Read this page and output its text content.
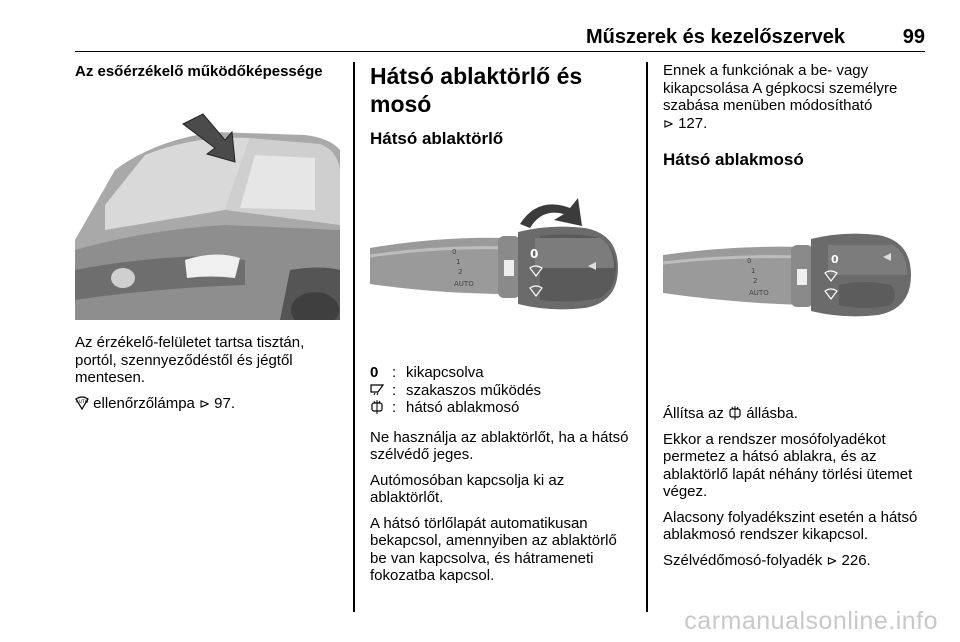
Műszerek és kezelőszervek	99
Az esőérzékelő működőképessége
Az érzékelő-felületet tartsa tisztán, portól, szennyeződéstől és jégtől mentesen.
AUTO ellenőrzőlámpa ⊳ 97.
Hátsó ablaktörlő és mosó
Hátsó ablaktörlő
0
1
2
AUTO
0
0 : kikapcsolva
: szakaszos működés
: hátsó ablakmosó
Ne használja az ablaktörlőt, ha a hátsó szélvédő jeges.
Autómosóban kapcsolja ki az ablaktörlőt.
A hátsó törlőlapát automatikusan bekapcsol, amennyiben az ablaktörlő be van kapcsolva, és hátrameneti fokozatba kapcsol.
Ennek a funkciónak a be- vagy kikapcsolása A gépkocsi személyre szabása menüben módosítható
⊳ 127.
Hátsó ablakmosó
0
1
2
AUTO
0
Állítsa az állásba.
Ekkor a rendszer mosófolyadékot permetez a hátsó ablakra, és az ablaktörlő lapát néhány törlési ütemet végez.
Alacsony folyadékszint esetén a hátsó ablakmosó rendszer kikapcsol.
Szélvédőmosó-folyadék ⊳ 226.
carmanualsonline.info
